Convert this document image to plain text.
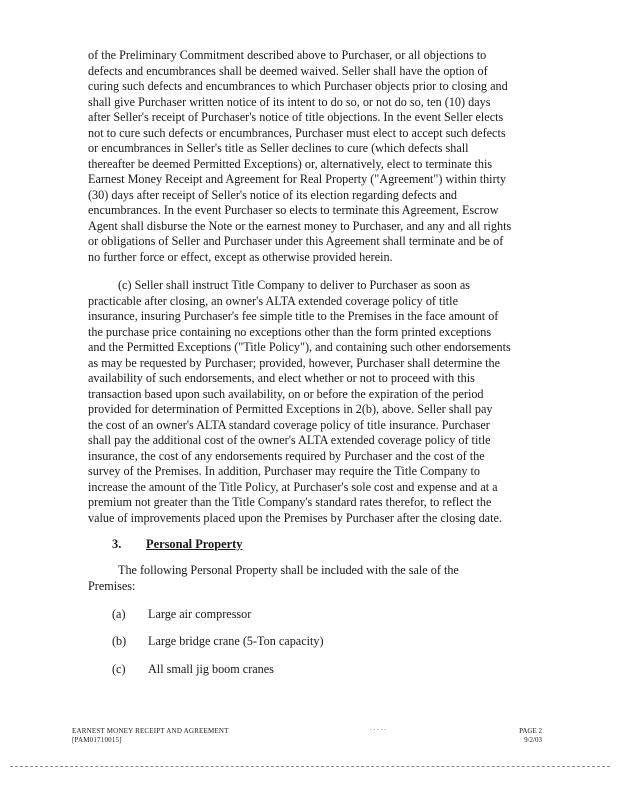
of the Preliminary Commitment described above to Purchaser, or all objections to
defects and encumbrances shall be deemed waived. Seller shall have the option of
curing such defects and encumbrances to which Purchaser objects prior to closing and
shall give Purchaser written notice of its intent to do so, or not do so, ten (10) days
after Seller's receipt of Purchaser's notice of title objections. In the event Seller elects
not to cure such defects or encumbrances, Purchaser must elect to accept such defects
or encumbrances in Seller's title as Seller declines to cure (which defects shall
thereafter be deemed Permitted Exceptions) or, alternatively, elect to terminate this
Earnest Money Receipt and Agreement for Real Property ("Agreement") within thirty
(30) days after receipt of Seller's notice of its election regarding defects and
encumbrances. In the event Purchaser so elects to terminate this Agreement, Escrow
Agent shall disburse the Note or the earnest money to Purchaser, and any and all rights
or obligations of Seller and Purchaser under this Agreement shall terminate and be of
no further force or effect, except as otherwise provided herein.
(c) Seller shall instruct Title Company to deliver to Purchaser as soon as
practicable after closing, an owner's ALTA extended coverage policy of title
insurance, insuring Purchaser's fee simple title to the Premises in the face amount of
the purchase price containing no exceptions other than the form printed exceptions
and the Permitted Exceptions ("Title Policy"), and containing such other endorsements
as may be requested by Purchaser; provided, however, Purchaser shall determine the
availability of such endorsements, and elect whether or not to proceed with this
transaction based upon such availability, on or before the expiration of the period
provided for determination of Permitted Exceptions in 2(b), above. Seller shall pay
the cost of an owner's ALTA standard coverage policy of title insurance. Purchaser
shall pay the additional cost of the owner's ALTA extended coverage policy of title
insurance, the cost of any endorsements required by Purchaser and the cost of the
survey of the Premises. In addition, Purchaser may require the Title Company to
increase the amount of the Title Policy, at Purchaser's sole cost and expense and at a
premium not greater than the Title Company's standard rates therefor, to reflect the
value of improvements placed upon the Premises by Purchaser after the closing date.
3. Personal Property
The following Personal Property shall be included with the sale of the
Premises:
(a) Large air compressor
(b) Large bridge crane (5-Ton capacity)
(c) All small jig boom cranes
. . . . .
EARNEST MONEY RECEIPT AND AGREEMENT
[PAM01710015]
PAGE 2
9/2/03
